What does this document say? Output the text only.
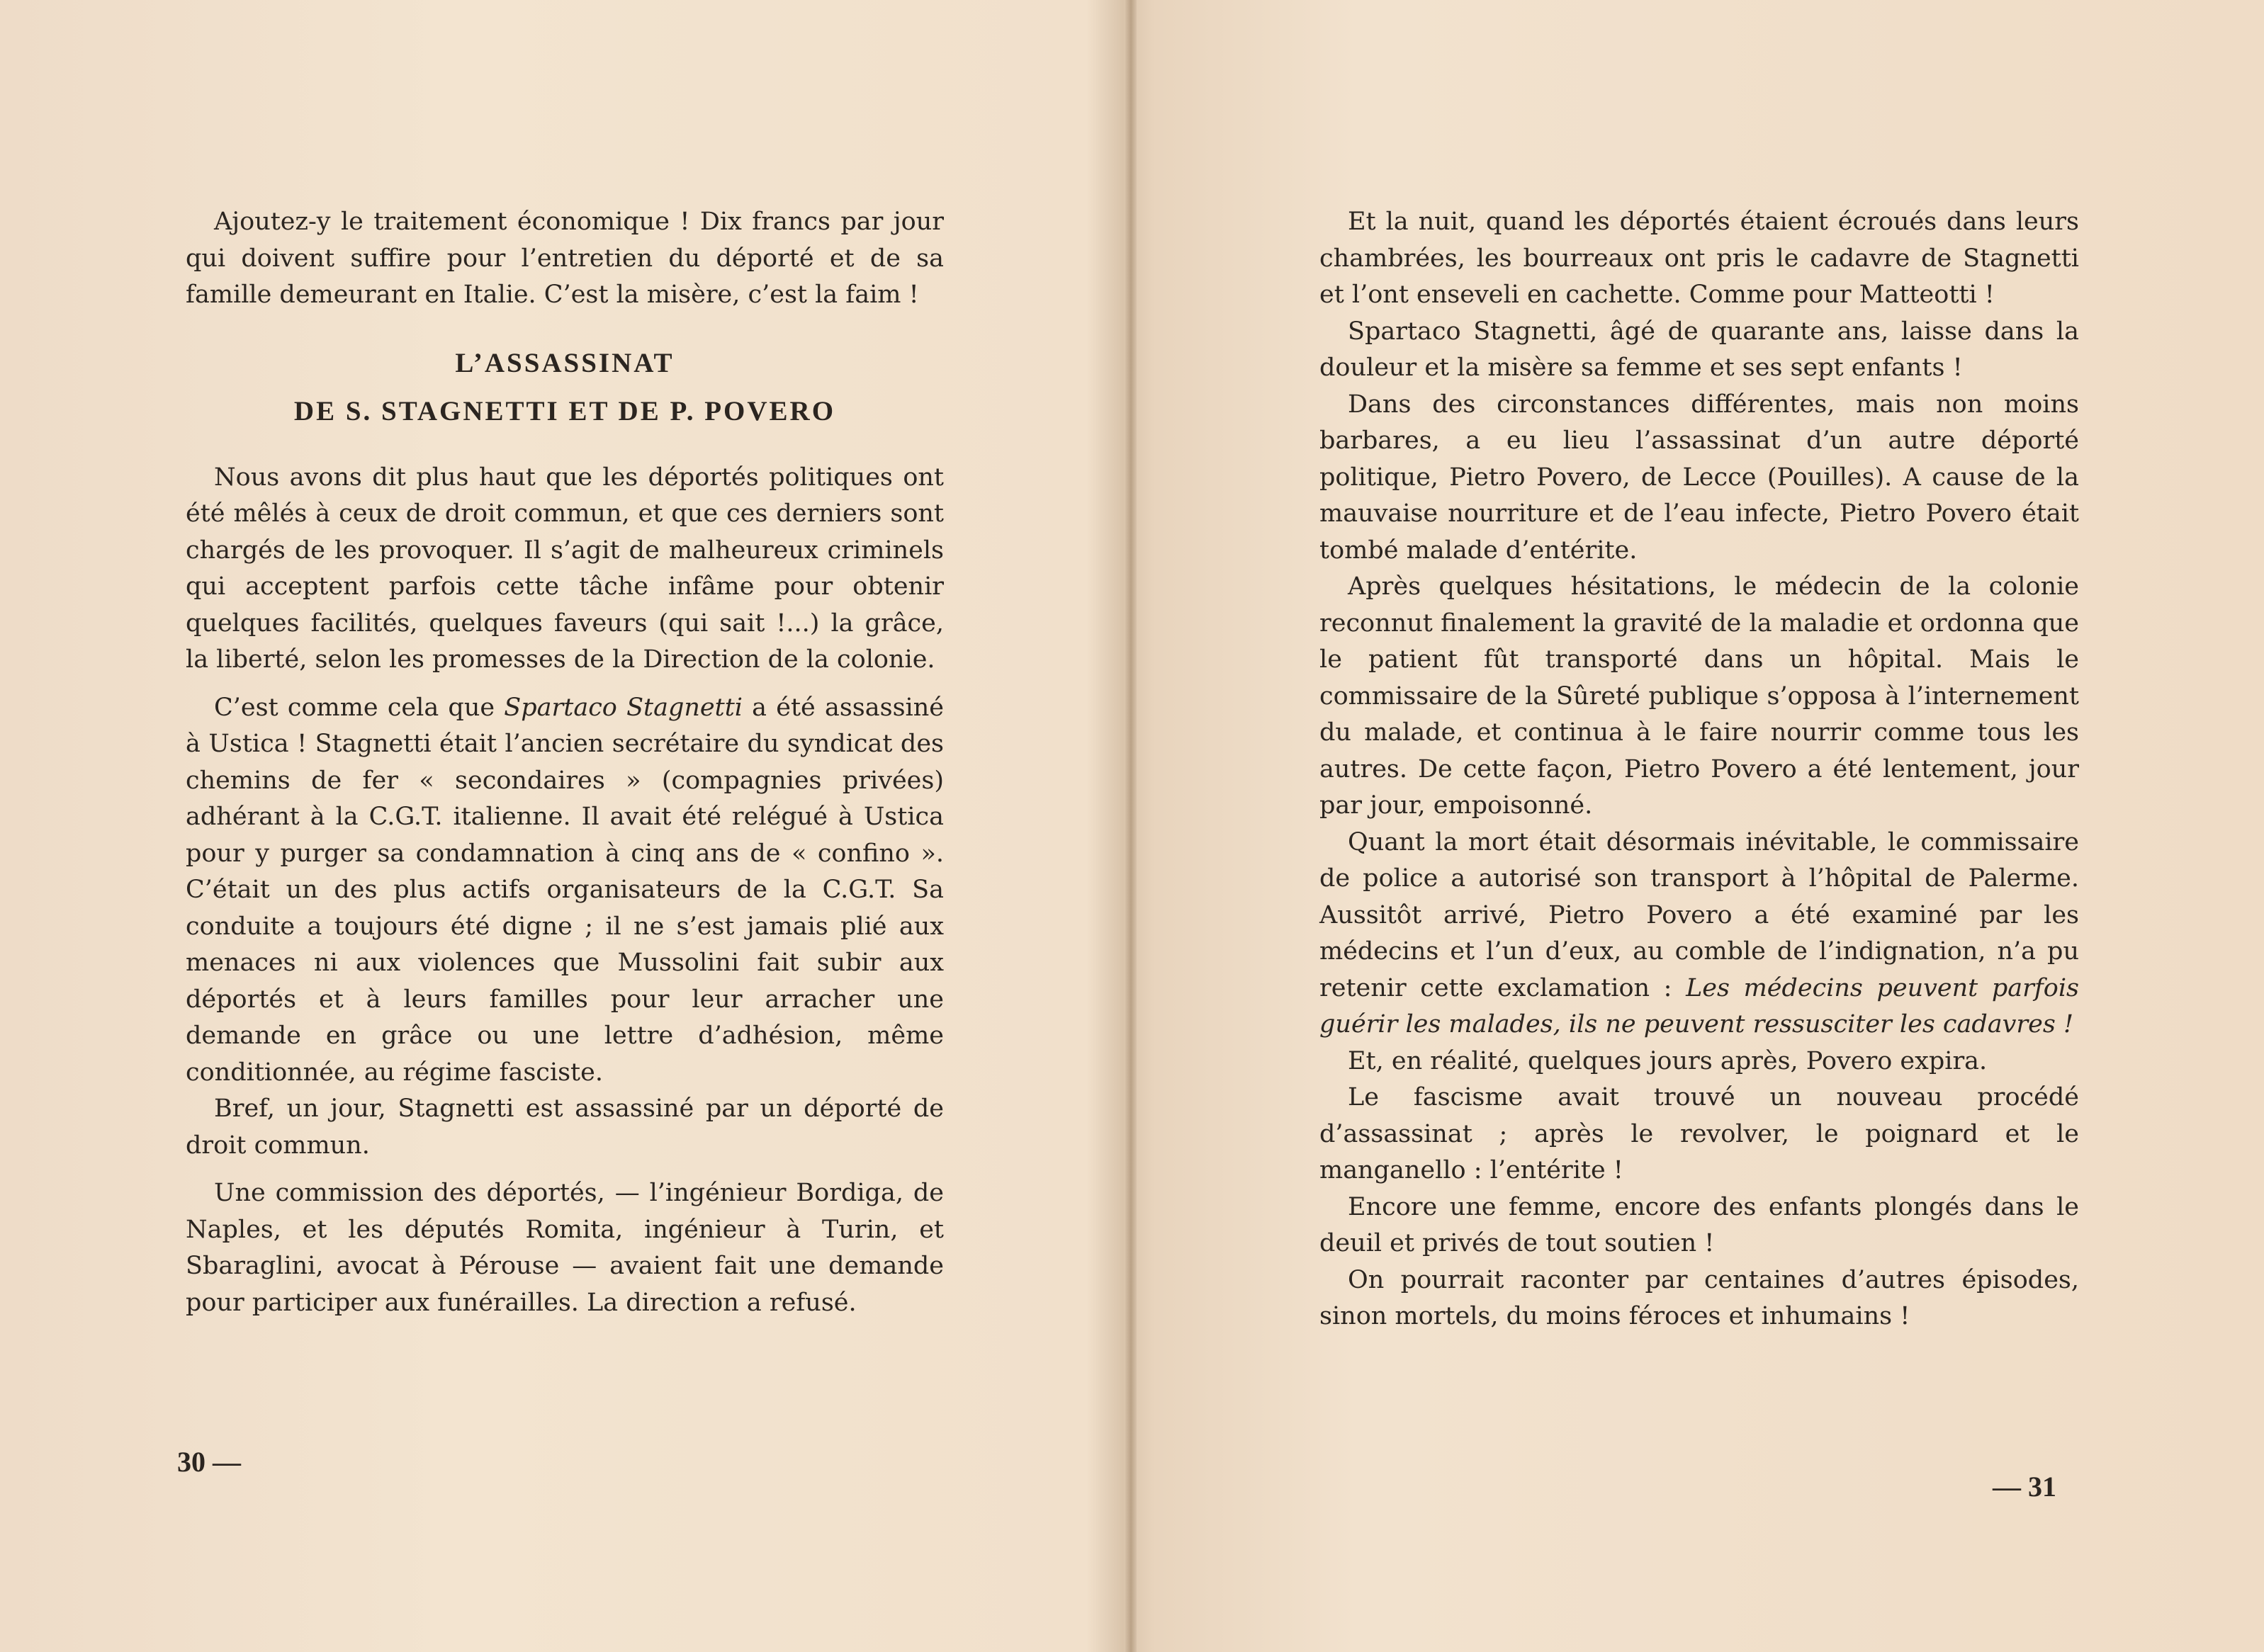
Ajoutez-y le traitement économique ! Dix francs par jour qui doivent suffire pour l’entretien du déporté et de sa famille demeurant en Italie. C’est la misère, c’est la faim !

L’ASSASSINAT
DE S. STAGNETTI ET DE P. POVERO

Nous avons dit plus haut que les déportés politiques ont été mêlés à ceux de droit commun, et que ces derniers sont chargés de les provoquer. Il s’agit de malheureux criminels qui acceptent parfois cette tâche infâme pour obtenir quelques facilités, quelques faveurs (qui sait !...) la grâce, la liberté, selon les promesses de la Direction de la colonie.

C’est comme cela que Spartaco Stagnetti a été assassiné à Ustica ! Stagnetti était l’ancien secrétaire du syndicat des chemins de fer « secondaires » (compagnies privées) adhérant à la C.G.T. italienne. Il avait été relégué à Ustica pour y purger sa condamnation à cinq ans de « confino ». C’était un des plus actifs organisateurs de la C.G.T. Sa conduite a toujours été digne ; il ne s’est jamais plié aux menaces ni aux violences que Mussolini fait subir aux déportés et à leurs familles pour leur arracher une demande en grâce ou une lettre d’adhésion, même conditionnée, au régime fasciste.

Bref, un jour, Stagnetti est assassiné par un déporté de droit commun.

Une commission des déportés, — l’ingénieur Bordiga, de Naples, et les députés Romita, ingénieur à Turin, et Sbaraglini, avocat à Pérouse — avaient fait une demande pour participer aux funérailles. La direction a refusé.

30 —

Et la nuit, quand les déportés étaient écroués dans leurs chambrées, les bourreaux ont pris le cadavre de Stagnetti et l’ont enseveli en cachette. Comme pour Matteotti !

Spartaco Stagnetti, âgé de quarante ans, laisse dans la douleur et la misère sa femme et ses sept enfants !

Dans des circonstances différentes, mais non moins barbares, a eu lieu l’assassinat d’un autre déporté politique, Pietro Povero, de Lecce (Pouilles). A cause de la mauvaise nourriture et de l’eau infecte, Pietro Povero était tombé malade d’entérite.

Après quelques hésitations, le médecin de la colonie reconnut finalement la gravité de la maladie et ordonna que le patient fût transporté dans un hôpital. Mais le commissaire de la Sûreté publique s’opposa à l’internement du malade, et continua à le faire nourrir comme tous les autres. De cette façon, Pietro Povero a été lentement, jour par jour, empoisonné.

Quant la mort était désormais inévitable, le commissaire de police a autorisé son transport à l’hôpital de Palerme. Aussitôt arrivé, Pietro Povero a été examiné par les médecins et l’un d’eux, au comble de l’indignation, n’a pu retenir cette exclamation : Les médecins peuvent parfois guérir les malades, ils ne peuvent ressusciter les cadavres !

Et, en réalité, quelques jours après, Povero expira.

Le fascisme avait trouvé un nouveau procédé d’assassinat ; après le revolver, le poignard et le manganello : l’entérite !

Encore une femme, encore des enfants plongés dans le deuil et privés de tout soutien !

On pourrait raconter par centaines d’autres épisodes, sinon mortels, du moins féroces et inhumains !

— 31
